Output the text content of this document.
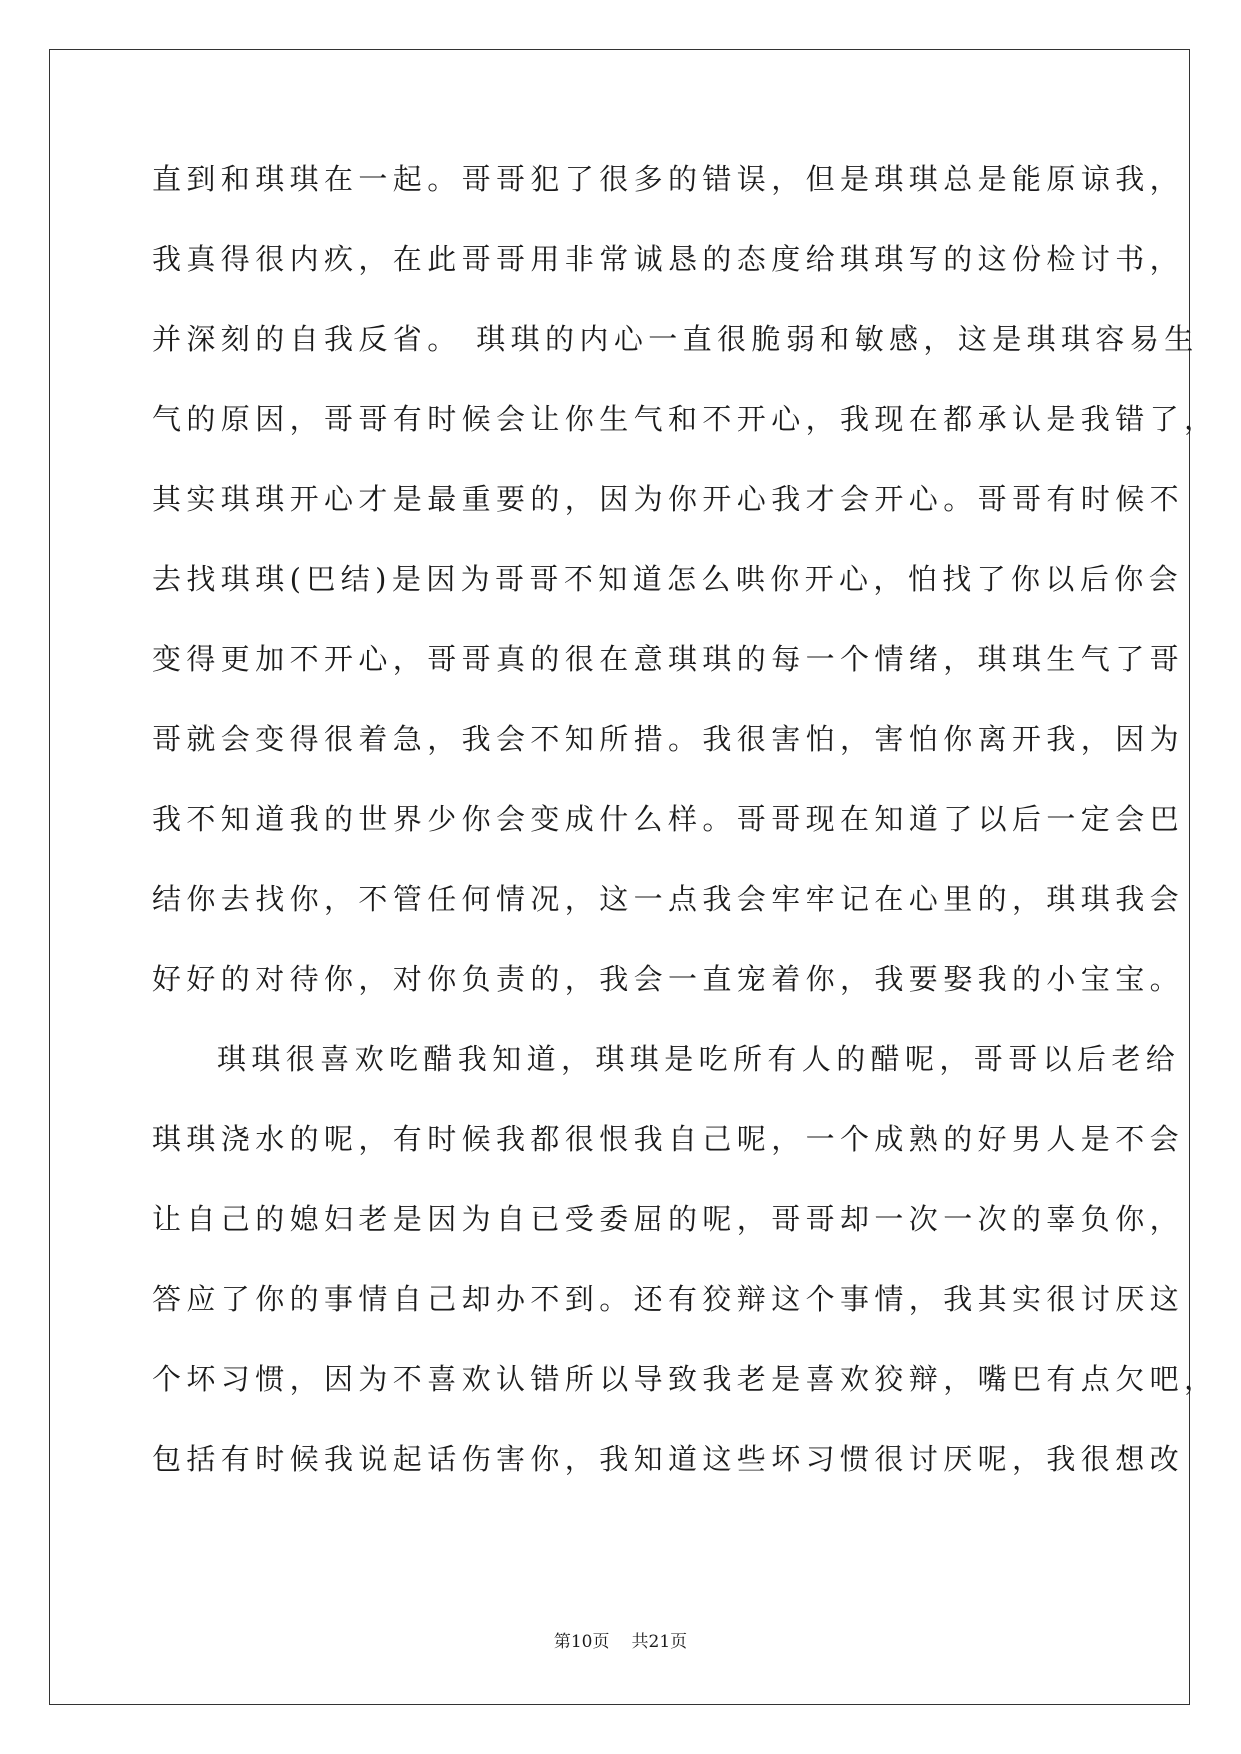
直到和琪琪在一起。哥哥犯了很多的错误，但是琪琪总是能原谅我，
我真得很内疚，在此哥哥用非常诚恳的态度给琪琪写的这份检讨书，
并深刻的自我反省。 琪琪的内心一直很脆弱和敏感，这是琪琪容易生
气的原因，哥哥有时候会让你生气和不开心，我现在都承认是我错了，
其实琪琪开心才是最重要的，因为你开心我才会开心。哥哥有时候不
去找琪琪(巴结)是因为哥哥不知道怎么哄你开心，怕找了你以后你会
变得更加不开心，哥哥真的很在意琪琪的每一个情绪，琪琪生气了哥
哥就会变得很着急，我会不知所措。我很害怕，害怕你离开我，因为
我不知道我的世界少你会变成什么样。哥哥现在知道了以后一定会巴
结你去找你，不管任何情况，这一点我会牢牢记在心里的，琪琪我会
好好的对待你，对你负责的，我会一直宠着你，我要娶我的小宝宝。
琪琪很喜欢吃醋我知道，琪琪是吃所有人的醋呢，哥哥以后老给
琪琪浇水的呢，有时候我都很恨我自己呢，一个成熟的好男人是不会
让自己的媳妇老是因为自已受委屈的呢，哥哥却一次一次的辜负你，
答应了你的事情自己却办不到。还有狡辩这个事情，我其实很讨厌这
个坏习惯，因为不喜欢认错所以导致我老是喜欢狡辩，嘴巴有点欠吧，
包括有时候我说起话伤害你，我知道这些坏习惯很讨厌呢，我很想改
第10页 共21页
